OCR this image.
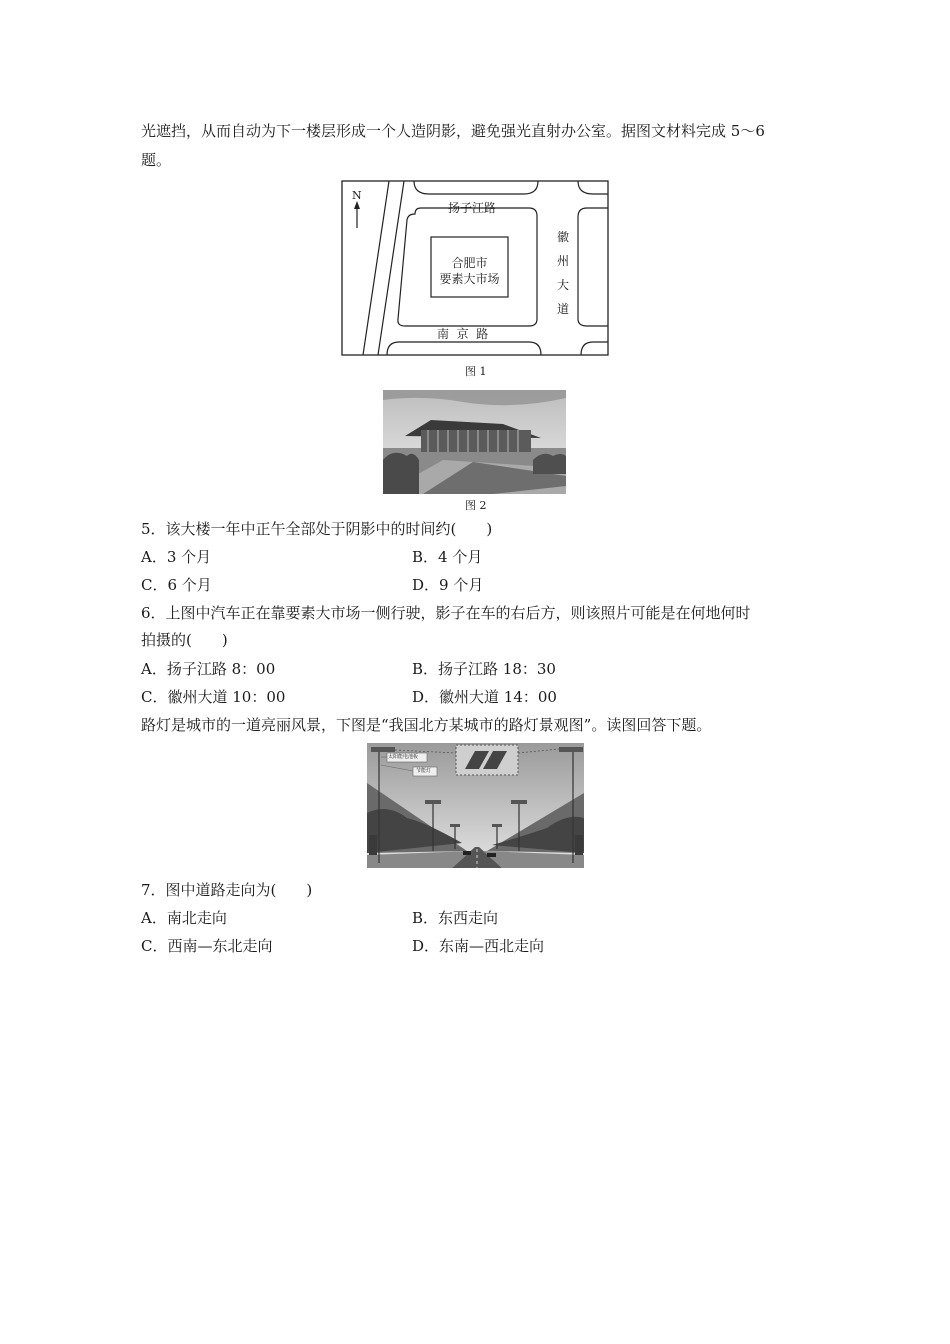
光遮挡，从而自动为下一楼层形成一个人造阴影，避免强光直射办公室。据图文材料完成 5～6
题。
N
扬子江路
徽
州
大
道
南  京  路
合肥市
要素大市场
图 1
图 2
5．该大楼一年中正午全部处于阴影中的时间约(　　)
A．3 个月	B．4 个月
C．6 个月	D．9 个月
6．上图中汽车正在靠要素大市场一侧行驶，影子在车的右后方，则该照片可能是在何地何时
拍摄的(　　)
A．扬子江路 8：00	B．扬子江路 18：30
C．徽州大道 10：00	D．徽州大道 14：00
路灯是城市的一道亮丽风景，下图是“我国北方某城市的路灯景观图”。读图回答下题。
太阳能电池板
节能灯
7．图中道路走向为(　　)
A．南北走向	B．东西走向
C．西南—东北走向	D．东南—西北走向
